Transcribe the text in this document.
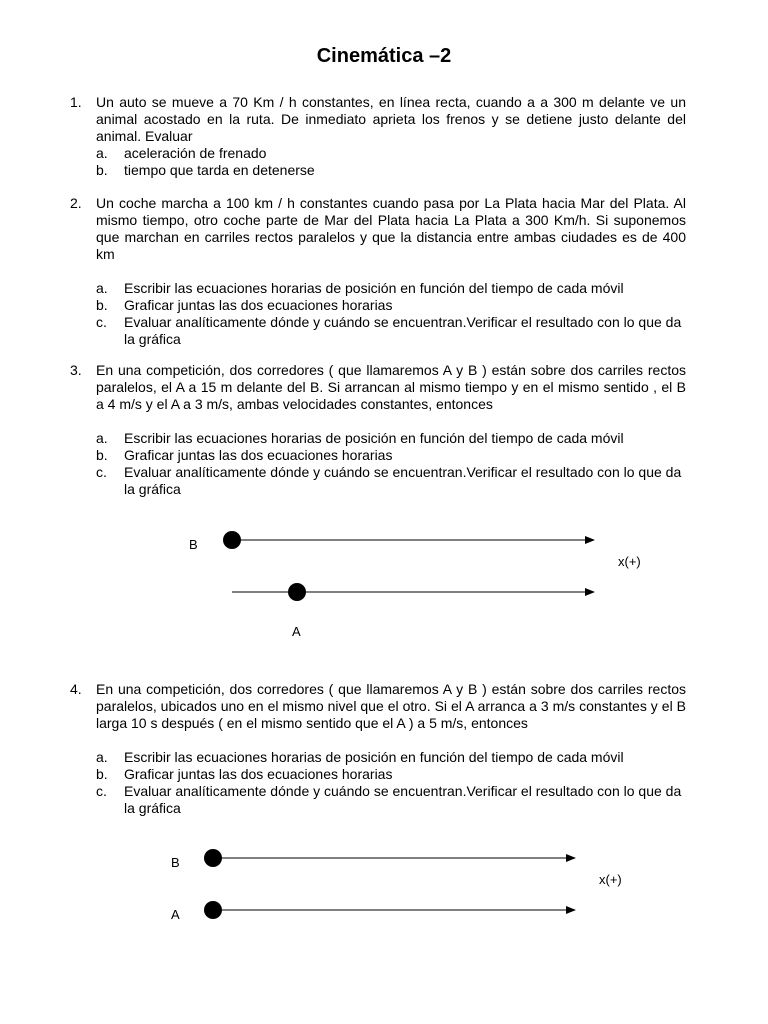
Cinemática –2
1. Un auto se mueve a 70 Km / h constantes, en línea recta, cuando a a 300 m delante ve un animal acostado en la ruta. De inmediato aprieta los frenos y se detiene justo delante del animal. Evaluar
a. aceleración de frenado
b. tiempo que tarda en detenerse
2. Un coche marcha a 100 km / h constantes cuando pasa por La Plata hacia Mar del Plata. Al mismo tiempo, otro coche parte de Mar del Plata hacia La Plata a 300 Km/h. Si suponemos que marchan en carriles rectos paralelos y que la distancia entre ambas ciudades es de 400 km
a. Escribir las ecuaciones horarias de posición en función del tiempo de cada móvil
b. Graficar juntas las dos ecuaciones horarias
c. Evaluar analíticamente dónde y cuándo se encuentran.Verificar el resultado con lo que da la gráfica
3. En una competición, dos corredores ( que llamaremos A y B ) están sobre dos carriles rectos paralelos, el A a 15 m delante del B. Si arrancan al mismo tiempo y en el mismo sentido , el B a 4 m/s y el A a 3 m/s, ambas velocidades constantes, entonces
a. Escribir las ecuaciones horarias de posición en función del tiempo de cada móvil
b. Graficar juntas las dos ecuaciones horarias
c. Evaluar analíticamente dónde y cuándo se encuentran.Verificar el resultado con lo que da la gráfica
B
x(+)
A
4. En una competición, dos corredores ( que llamaremos A y B ) están sobre dos carriles rectos paralelos, ubicados uno en el mismo nivel que el otro. Si el A arranca a 3 m/s constantes y el B larga 10 s después ( en el mismo sentido que el A ) a 5 m/s, entonces
a. Escribir las ecuaciones horarias de posición en función del tiempo de cada móvil
b. Graficar juntas las dos ecuaciones horarias
c. Evaluar analíticamente dónde y cuándo se encuentran.Verificar el resultado con lo que da la gráfica
B
x(+)
A
